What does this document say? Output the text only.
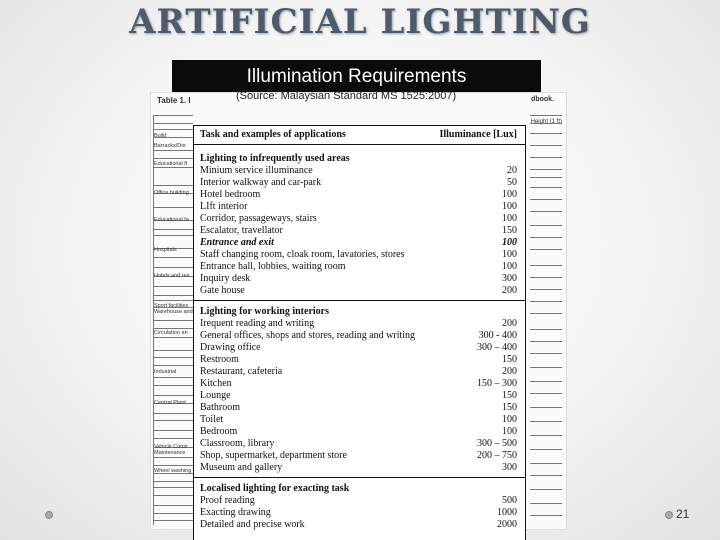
ARTIFICIAL LIGHTING
Table 1. I	dbook.
Height (1 ft)
Build
Barracks/Dor
Educational fl
Office building
Educational fa
Hospitals
Hotels and res
Sport facilities Warehouse and
Circulation an
Industrial
Central Plant
Vehicle Const Maintenance
Wheel washing
Illumination Requirements
(Source: Malaysian Standard MS 1525:2007)
Task and examples of applications	Illuminance [Lux]
Lighting to infrequently used areas
Minium service illuminance	20
Interior walkway and car-park	50
Hotel bedroom	100
LIft interior	100
Corridor, passageways, stairs	100
Escalator, travellator	150
Entrance and exit	100
Staff changing room, cloak room, lavatories, stores	100
Entrance hall, lobbies, waiting room	100
Inquiry desk	300
Gate house	200
Lighting for working interiors
Irequent reading and writing	200
General offices, shops and stores, reading and writing	300 - 400
Drawing office	300 – 400
Restroom	150
Restaurant, cafeteria	200
Kitchen	150 – 300
Lounge	150
Bathroom	150
Toilet	100
Bedroom	100
Classroom, library	300 – 500
Shop, supermarket, department store	200 – 750
Museum and gallery	300
Localised lighting for exacting task
Proof reading	500
Exacting drawing	1000
Detailed and precise work	2000
21
